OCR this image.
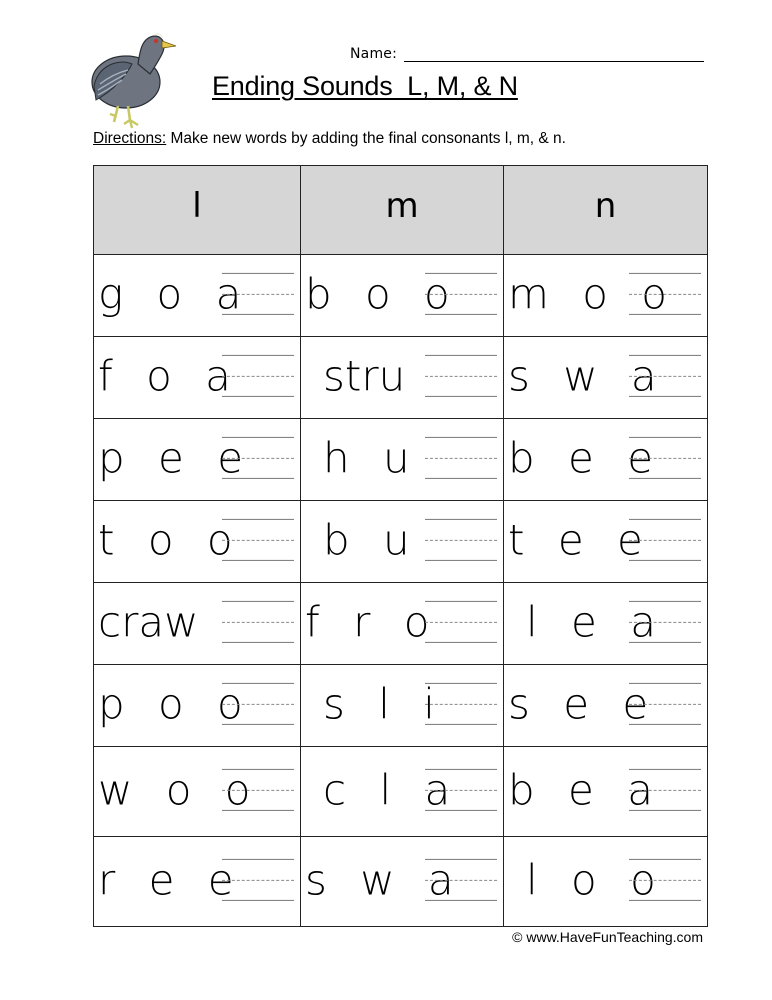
Name:
Ending Sounds  L, M, & N
Directions: Make new words by adding the final consonants l, m, & n.
l	m	n

g o a	b o o	m o o

f o a	stru	s w a

p e e	h u	b e e

t o o	b u	t e e

craw	f r o	l e a

p o o	s l i	s e e

w o o	c l a	b e a

r e e	s w a	l o o
© www.HaveFunTeaching.com
